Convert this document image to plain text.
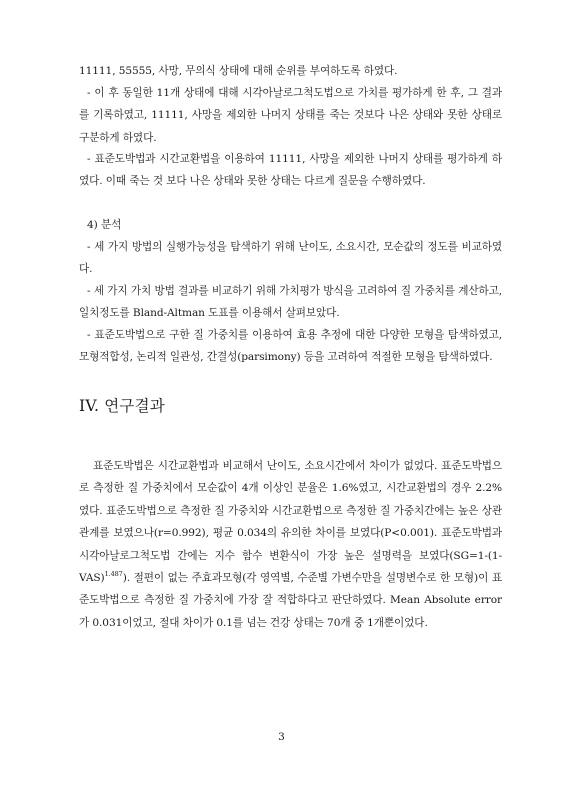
11111, 55555, 사망, 무의식 상태에 대해 순위를 부여하도록 하였다.
- 이 후 동일한 11개 상태에 대해 시각아날로그척도법으로 가치를 평가하게 한 후, 그 결과를 기록하였고, 11111, 사망을 제외한 나머지 상태를 죽는 것보다 나은 상태와 못한 상태로 구분하게 하였다.
- 표준도박법과 시간교환법을 이용하여 11111, 사망을 제외한 나머지 상태를 평가하게 하였다. 이때 죽는 것 보다 나은 상태와 못한 상태는 다르게 질문을 수행하였다.
4) 분석
- 세 가지 방법의 실행가능성을 탐색하기 위해 난이도, 소요시간, 모순값의 정도를 비교하였다.
- 세 가지 가치 방법 결과를 비교하기 위해 가치평가 방식을 고려하여 질 가중치를 계산하고, 일치정도를 Bland-Altman 도표를 이용해서 살펴보았다.
- 표준도박법으로 구한 질 가중치를 이용하여 효용 추정에 대한 다양한 모형을 탐색하였고, 모형적합성, 논리적 일관성, 간결성(parsimony) 등을 고려하여 적절한 모형을 탐색하였다.
IV. 연구결과
표준도박법은 시간교환법과 비교해서 난이도, 소요시간에서 차이가 없었다. 표준도박법으로 측정한 질 가중치에서 모순값이 4개 이상인 분율은 1.6%였고, 시간교환법의 경우 2.2%였다. 표준도박법으로 측정한 질 가중치와 시간교환법으로 측정한 질 가중치간에는 높은 상관관계를 보였으나(r=0.992), 평균 0.034의 유의한 차이를 보였다(P<0.001). 표준도박법과 시각아날로그척도법 간에는 지수 함수 변환식이 가장 높은 설명력을 보였다$(SG=1-(1-VAS)^{1.487})$. 절편이 없는 주효과모형(각 영역별, 수준별 가변수만을 설명변수로 한 모형)이 표준도박법으로 측정한 질 가중치에 가장 잘 적합하다고 판단하였다. Mean Absolute error가 0.031이었고, 절대 차이가 0.1를 넘는 건강 상태는 70개 중 1개뿐이었다.
3
